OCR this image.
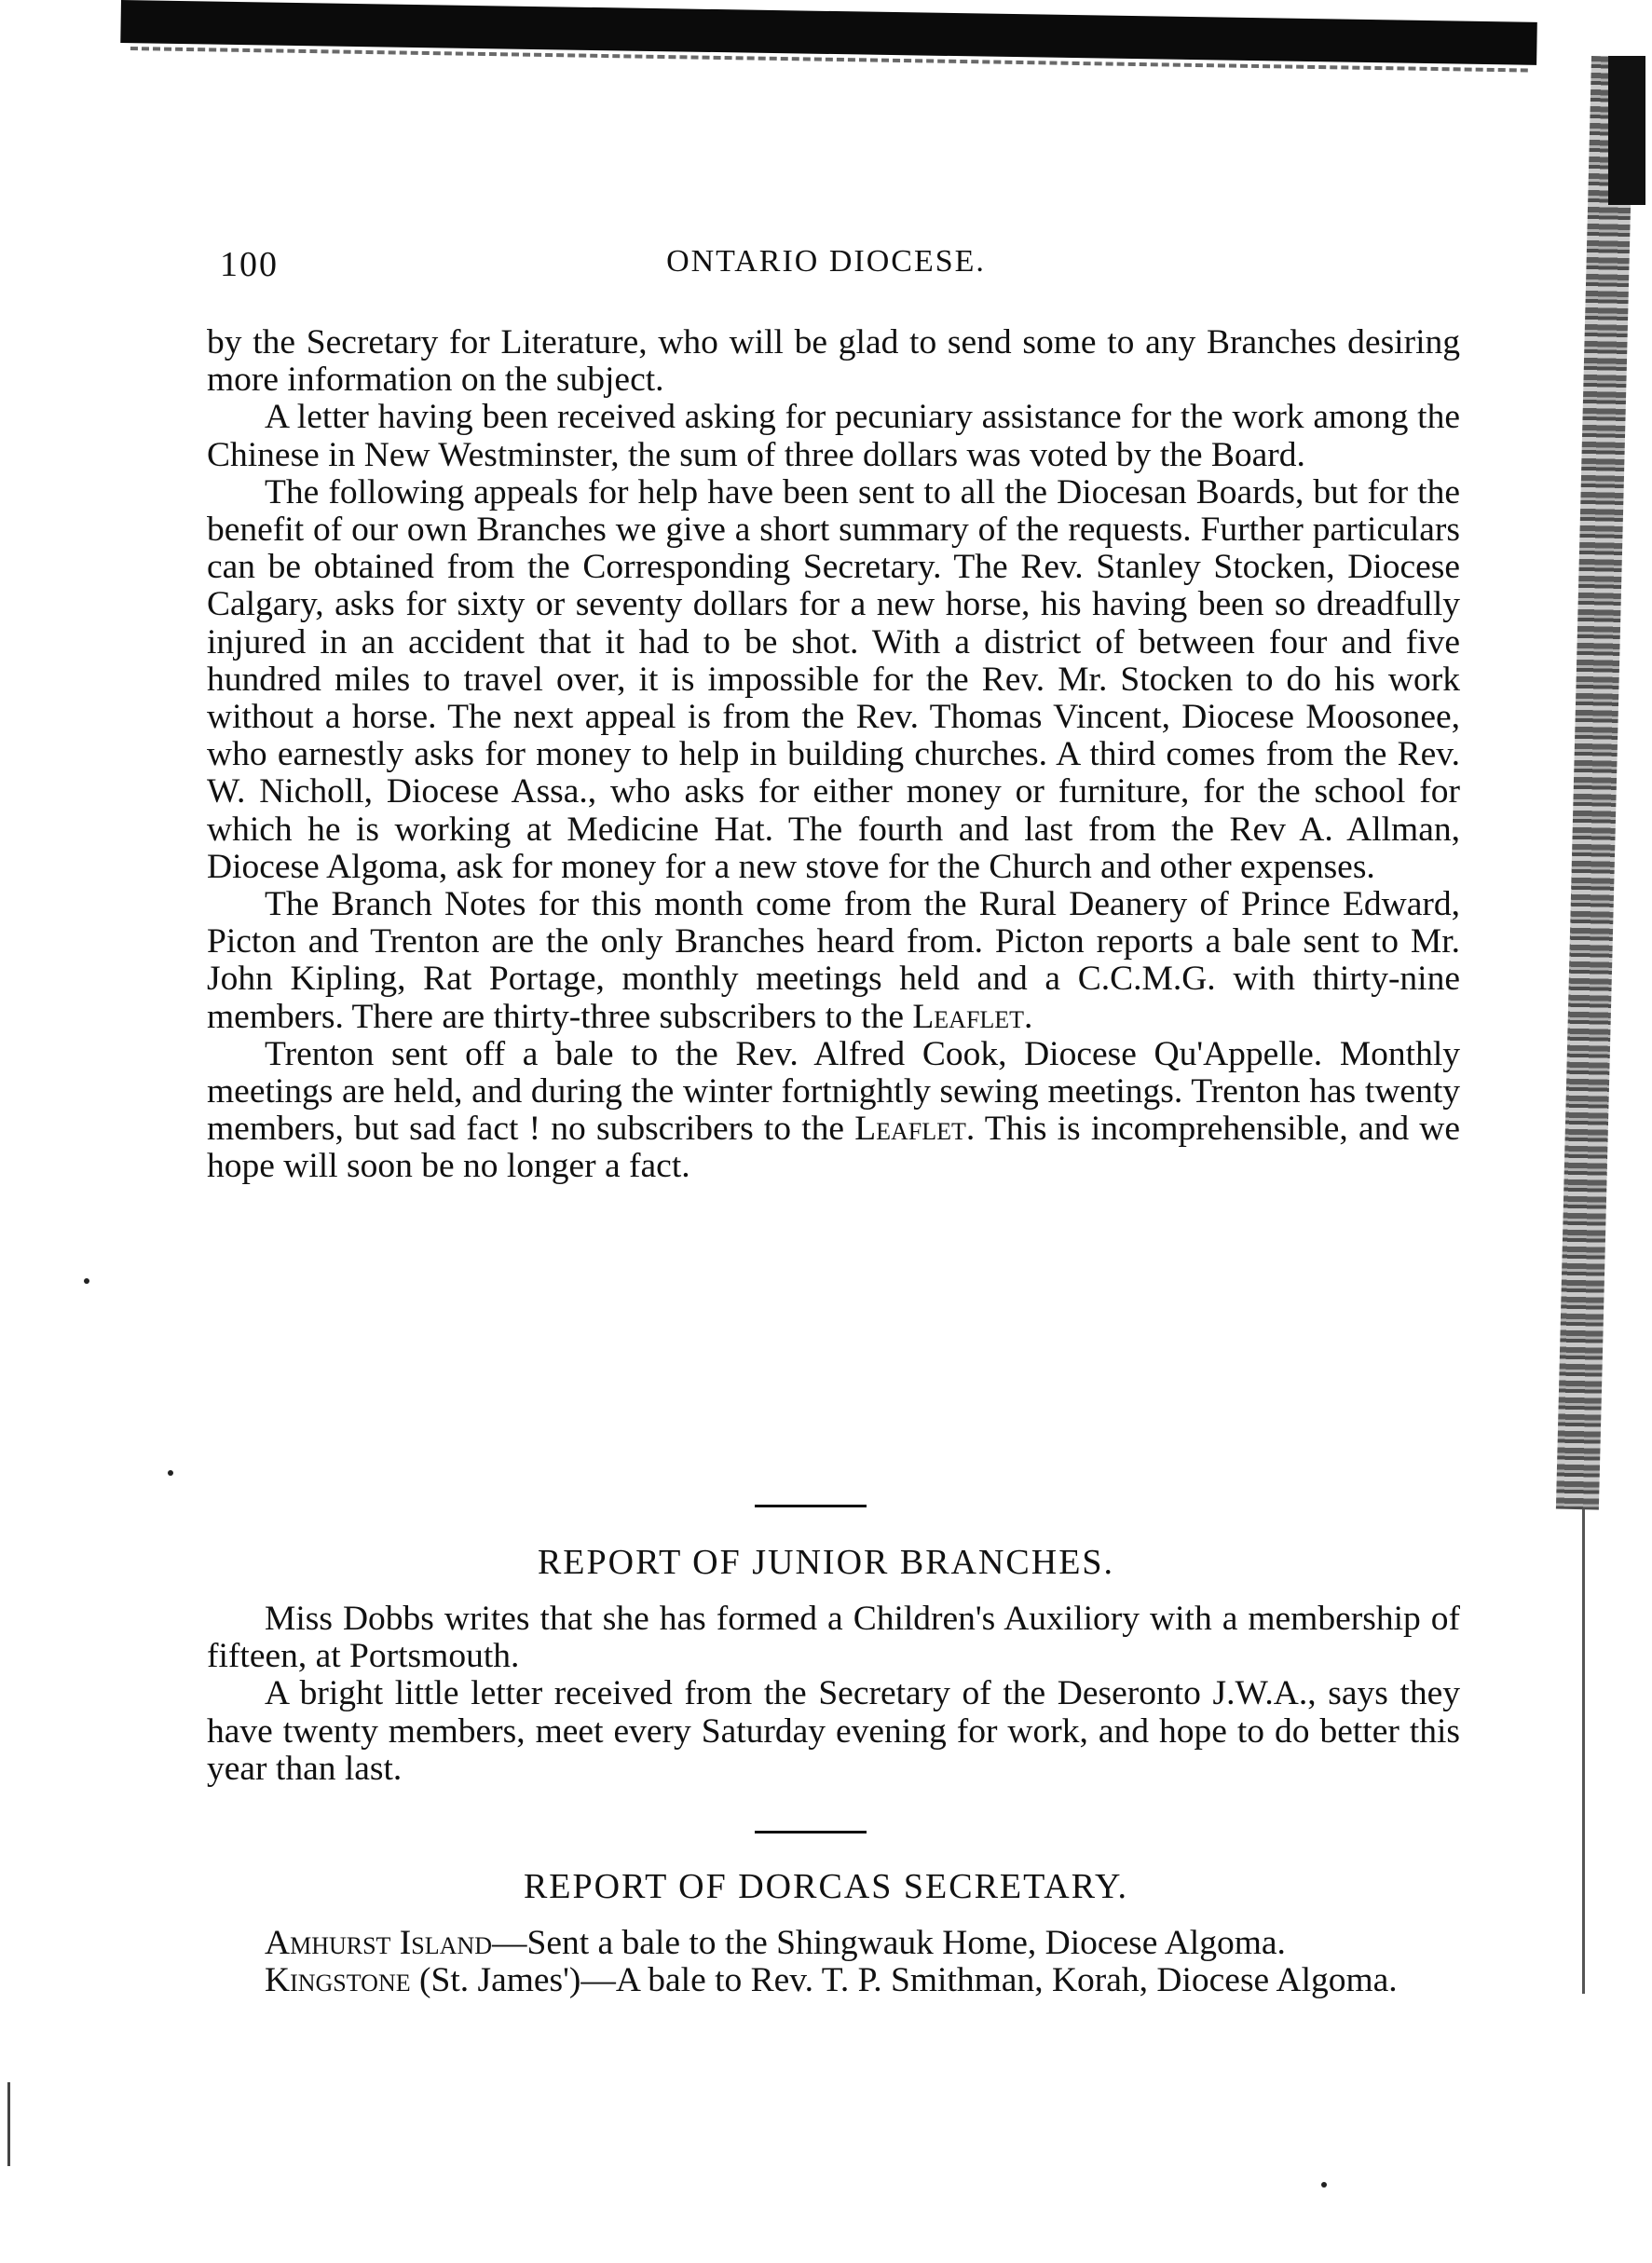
100	ONTARIO DIOCESE.

by the Secretary for Literature, who will be glad to send some to any Branches desiring more information on the subject.

A letter having been received asking for pecuniary assistance for the work among the Chinese in New Westminster, the sum of three dollars was voted by the Board.

The following appeals for help have been sent to all the Diocesan Boards, but for the benefit of our own Branches we give a short summary of the requests. Further particulars can be obtained from the Corresponding Secretary. The Rev. Stanley Stocken, Diocese Calgary, asks for sixty or seventy dollars for a new horse, his having been so dreadfully injured in an accident that it had to be shot. With a district of between four and five hundred miles to travel over, it is impossible for the Rev. Mr. Stocken to do his work without a horse. The next appeal is from the Rev. Thomas Vincent, Diocese Moosonee, who earnestly asks for money to help in building churches. A third comes from the Rev. W. Nicholl, Diocese Assa., who asks for either money or furniture, for the school for which he is working at Medicine Hat. The fourth and last from the Rev A. Allman, Diocese Algoma, ask for money for a new stove for the Church and other expenses.

The Branch Notes for this month come from the Rural Deanery of Prince Edward, Picton and Trenton are the only Branches heard from. Picton reports a bale sent to Mr. John Kipling, Rat Portage, monthly meetings held and a C.C.M.G. with thirty-nine members. There are thirty-three subscribers to the Leaflet.

Trenton sent off a bale to the Rev. Alfred Cook, Diocese Qu'Appelle. Monthly meetings are held, and during the winter fortnightly sewing meetings. Trenton has twenty members, but sad fact ! no subscribers to the Leaflet. This is incomprehensible, and we hope will soon be no longer a fact.

REPORT OF JUNIOR BRANCHES.

Miss Dobbs writes that she has formed a Children's Auxiliory with a membership of fifteen, at Portsmouth.

A bright little letter received from the Secretary of the Deseronto J.W.A., says they have twenty members, meet every Saturday evening for work, and hope to do better this year than last.

REPORT OF DORCAS SECRETARY.

Amhurst Island—Sent a bale to the Shingwauk Home, Diocese Algoma.

Kingstone (St. James')—A bale to Rev. T. P. Smithman, Korah, Diocese Algoma.
